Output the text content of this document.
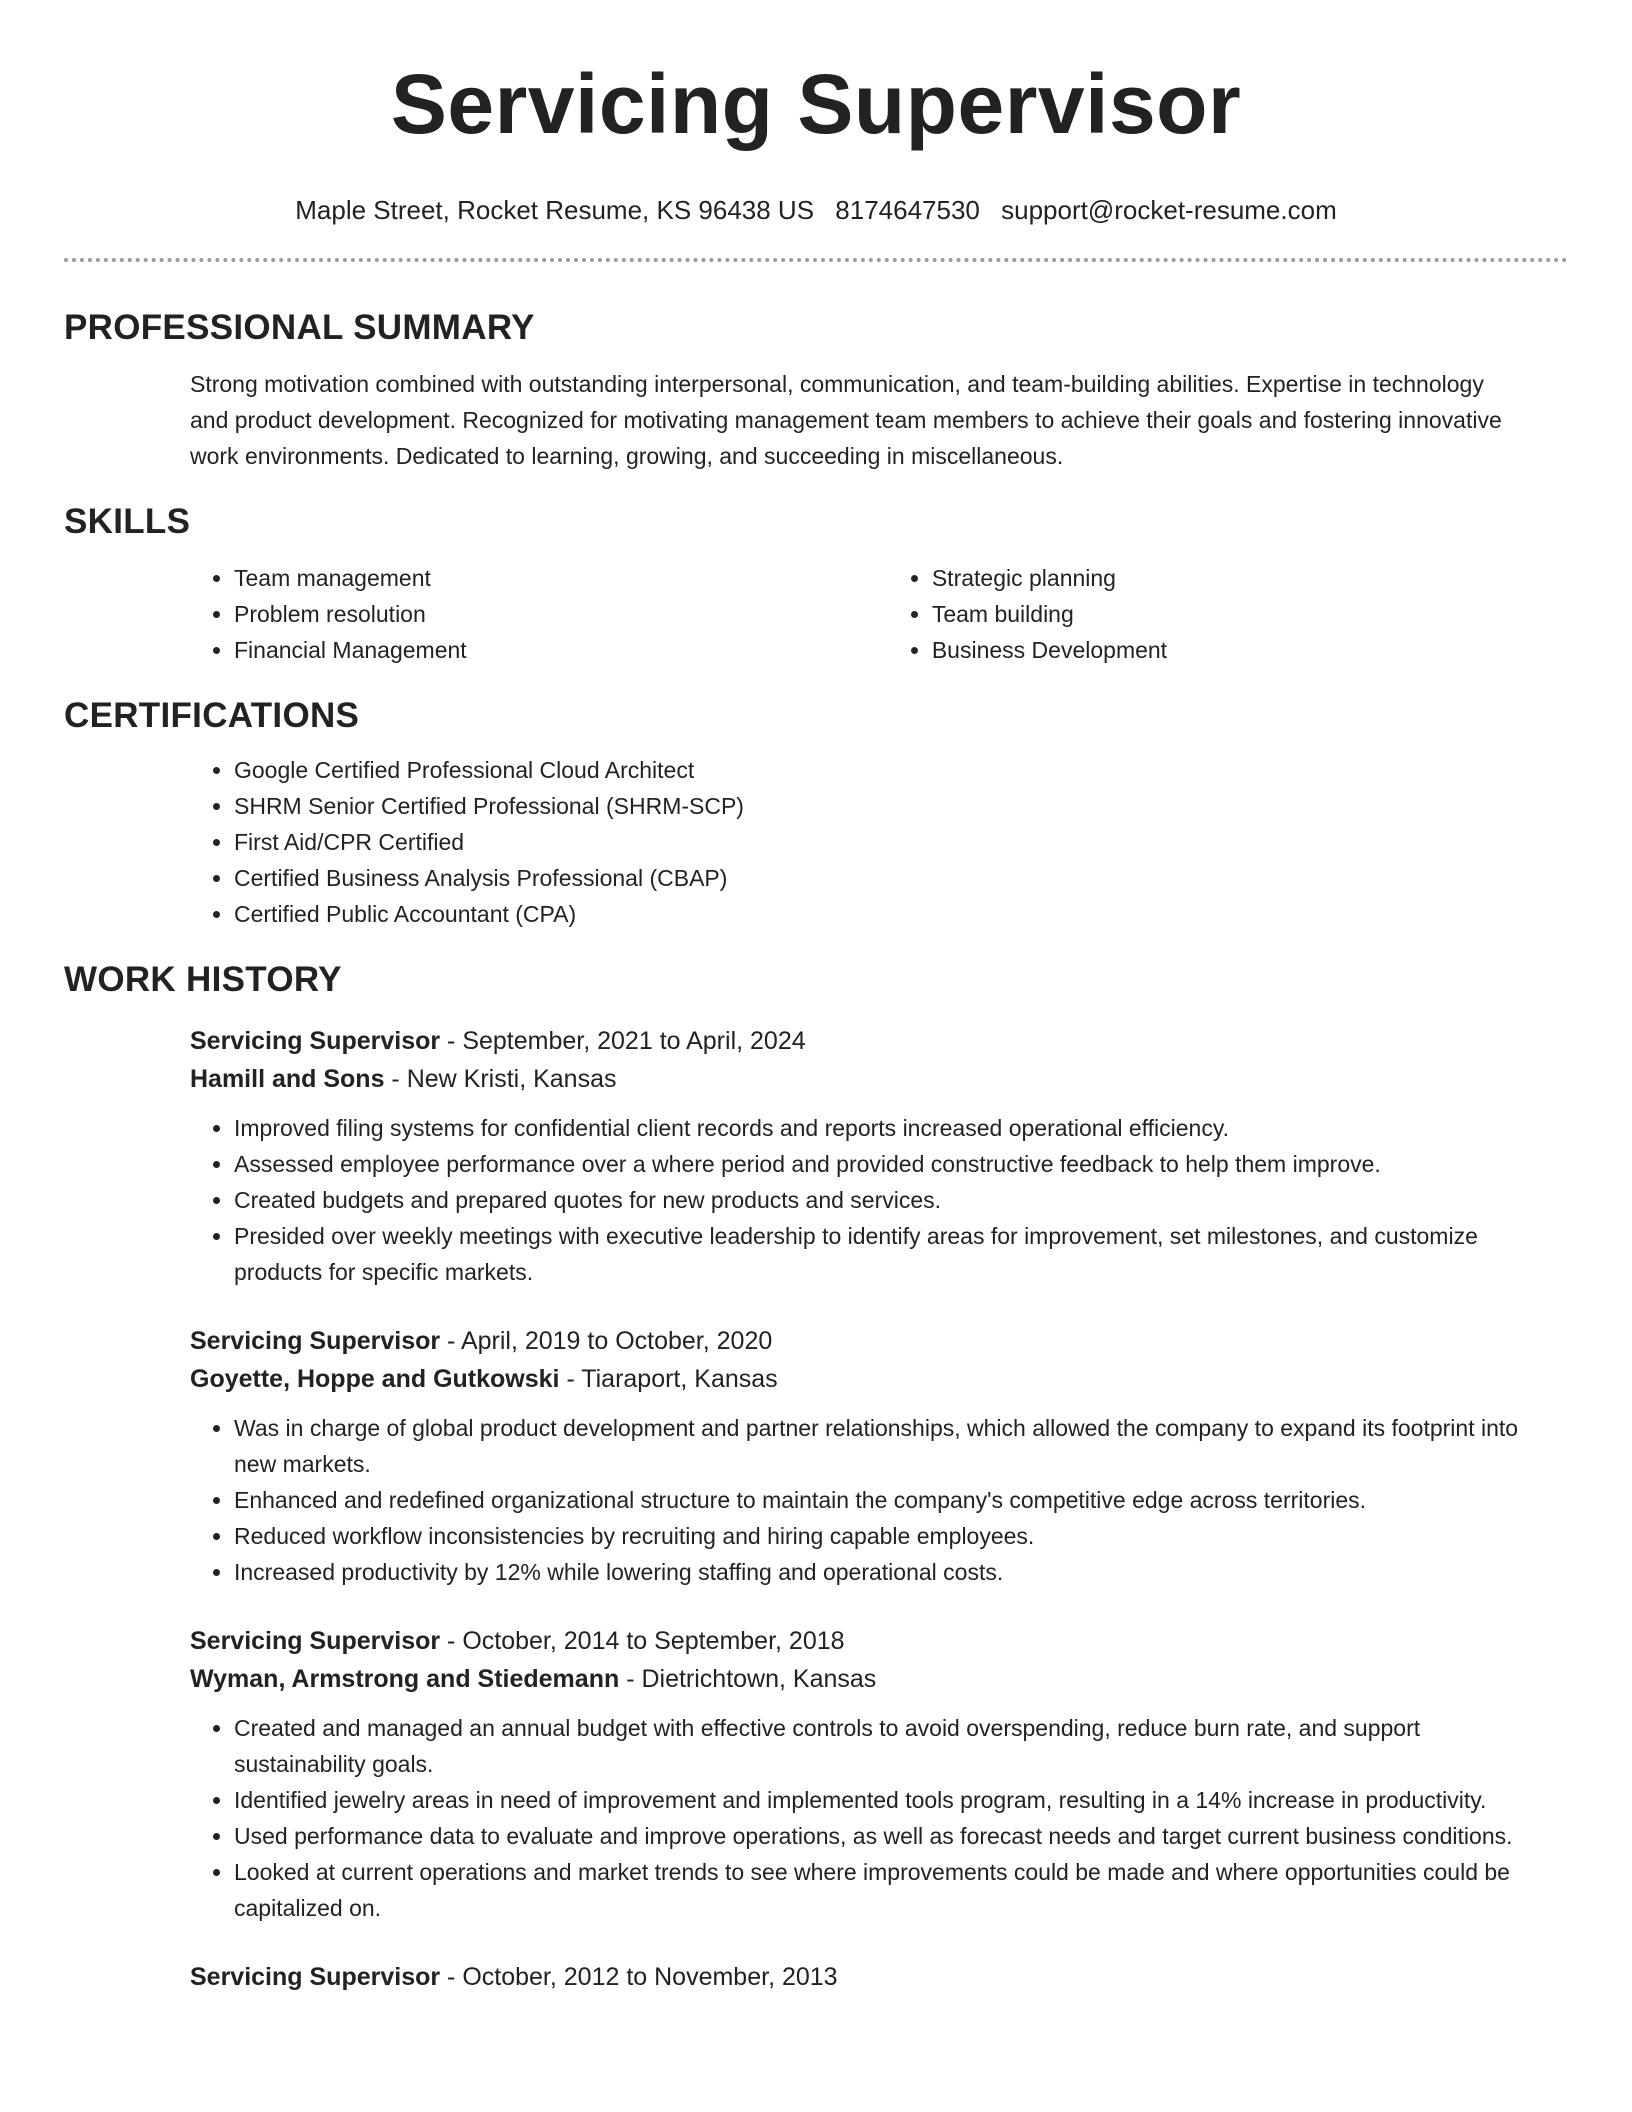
Servicing Supervisor
Maple Street, Rocket Resume, KS 96438 US 8174647530 support@rocket-resume.com
PROFESSIONAL SUMMARY

Strong motivation combined with outstanding interpersonal, communication, and team-building abilities. Expertise in technology and product development. Recognized for motivating management team members to achieve their goals and fostering innovative work environments. Dedicated to learning, growing, and succeeding in miscellaneous.

SKILLS
• Team management
• Problem resolution
• Financial Management
• Strategic planning
• Team building
• Business Development
CERTIFICATIONS
• Google Certified Professional Cloud Architect
• SHRM Senior Certified Professional (SHRM-SCP)
• First Aid/CPR Certified
• Certified Business Analysis Professional (CBAP)
• Certified Public Accountant (CPA)
WORK HISTORY
Servicing Supervisor - September, 2021 to April, 2024
Hamill and Sons - New Kristi, Kansas
• Improved filing systems for confidential client records and reports increased operational efficiency.
• Assessed employee performance over a where period and provided constructive feedback to help them improve.
• Created budgets and prepared quotes for new products and services.
• Presided over weekly meetings with executive leadership to identify areas for improvement, set milestones, and customize products for specific markets.
Servicing Supervisor - April, 2019 to October, 2020
Goyette, Hoppe and Gutkowski - Tiaraport, Kansas
• Was in charge of global product development and partner relationships, which allowed the company to expand its footprint into new markets.
• Enhanced and redefined organizational structure to maintain the company's competitive edge across territories.
• Reduced workflow inconsistencies by recruiting and hiring capable employees.
• Increased productivity by 12% while lowering staffing and operational costs.
Servicing Supervisor - October, 2014 to September, 2018
Wyman, Armstrong and Stiedemann - Dietrichtown, Kansas
• Created and managed an annual budget with effective controls to avoid overspending, reduce burn rate, and support sustainability goals.
• Identified jewelry areas in need of improvement and implemented tools program, resulting in a 14% increase in productivity.
• Used performance data to evaluate and improve operations, as well as forecast needs and target current business conditions.
• Looked at current operations and market trends to see where improvements could be made and where opportunities could be capitalized on.
Servicing Supervisor - October, 2012 to November, 2013
